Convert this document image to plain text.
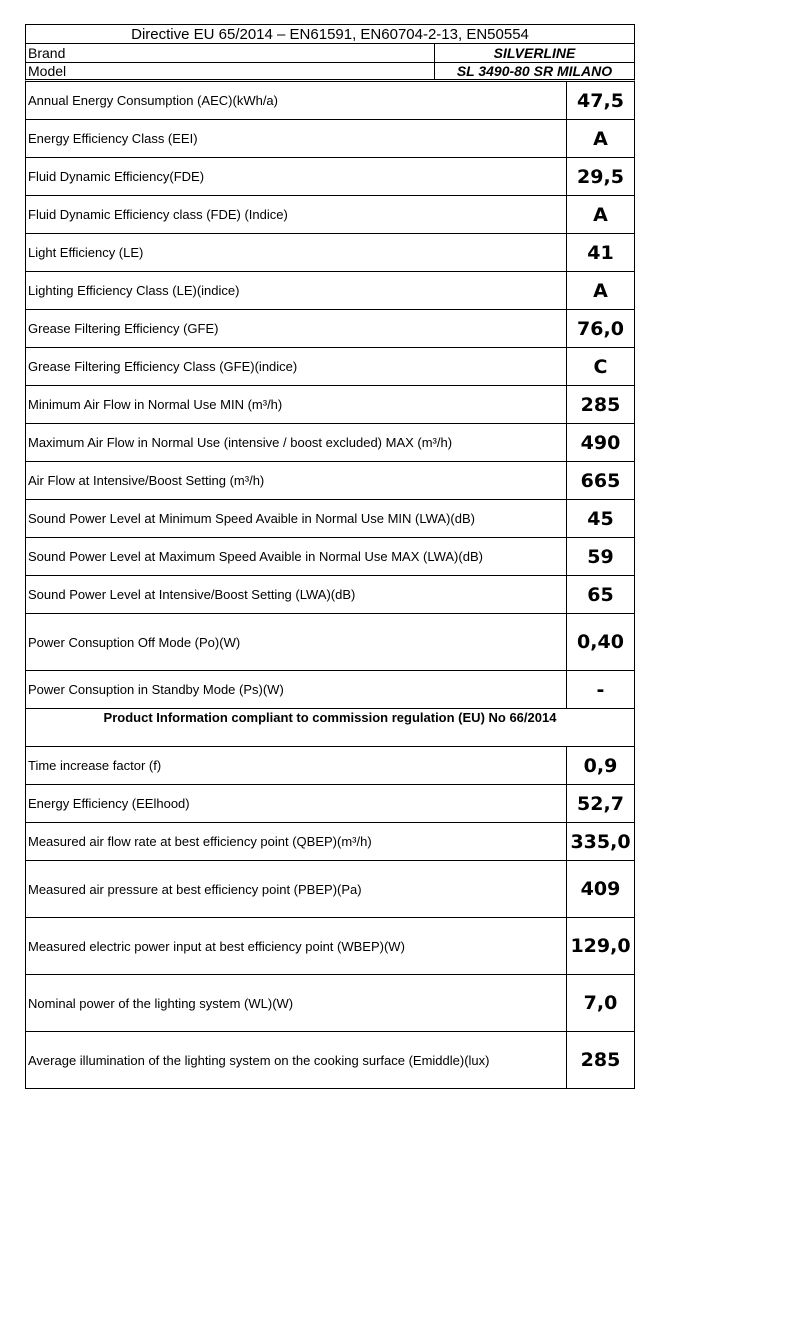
Directive EU 65/2014 – EN61591, EN60704-2-13, EN50554
Brand	SILVERLINE
Model	SL 3490-80 SR MILANO
Annual Energy Consumption (AEC)(kWh/a)	47,5
Energy Efficiency Class (EEI)	A
Fluid Dynamic Efficiency(FDE)	29,5
Fluid Dynamic Efficiency class (FDE) (Indice)	A
Light Efficiency (LE)	41
Lighting Efficiency Class (LE)(indice)	A
Grease Filtering Efficiency (GFE)	76,0
Grease Filtering Efficiency Class (GFE)(indice)	C
Minimum Air Flow in Normal Use MIN (m³/h)	285
Maximum Air Flow in Normal Use (intensive / boost excluded) MAX (m³/h)	490
Air Flow at Intensive/Boost Setting (m³/h)	665
Sound Power Level at Minimum Speed Avaible in Normal Use MIN (LWA)(dB)	45
Sound Power Level at Maximum Speed Avaible in Normal Use MAX (LWA)(dB)	59
Sound Power Level at Intensive/Boost Setting (LWA)(dB)	65
Power Consuption Off Mode (Po)(W)	0,40
Power Consuption in Standby Mode (Ps)(W)	-
Product Information compliant to commission regulation (EU) No 66/2014
Time increase factor (f)	0,9
Energy Efficiency (EElhood)	52,7
Measured air flow rate at best efficiency point (QBEP)(m³/h)	335,0
Measured air pressure at best efficiency point (PBEP)(Pa)	409
Measured electric power input at best efficiency point (WBEP)(W)	129,0
Nominal power of the lighting system (WL)(W)	7,0
Average illumination of the lighting system on the cooking surface (Emiddle)(lux)	285
